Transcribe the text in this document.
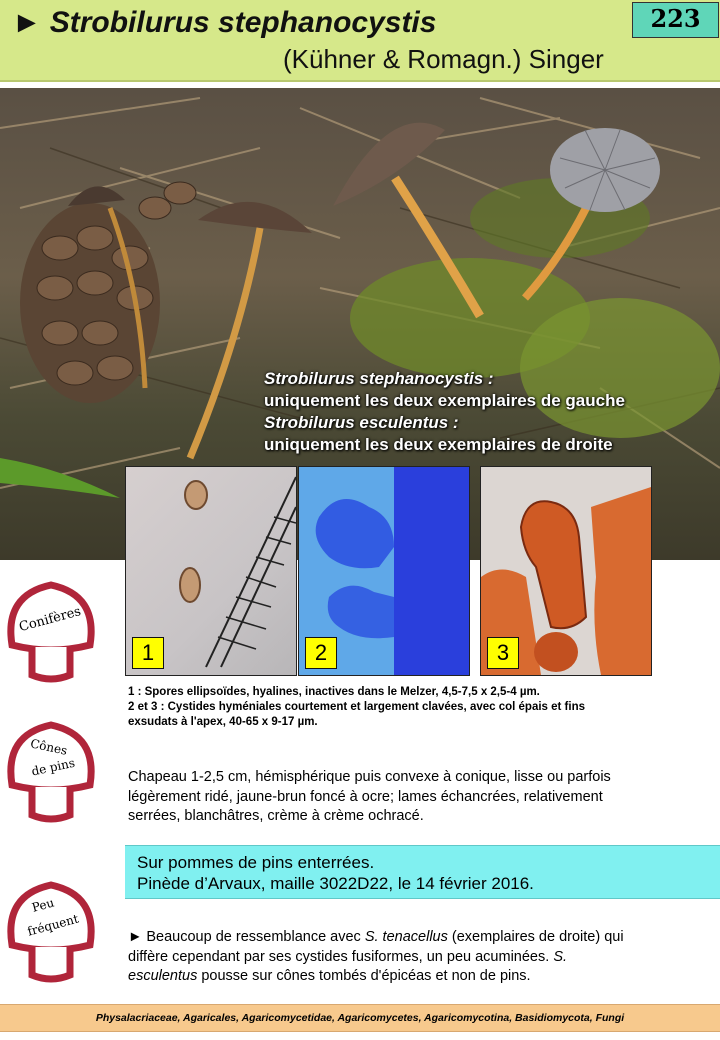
► Strobilurus stephanocystis
(Kühner & Romagn.) Singer
223
Strobilurus stephanocystis :
uniquement les deux exemplaires de gauche
Strobilurus esculentus :
uniquement les deux exemplaires de droite
1	2	3
Conifères
Cônes
de pins
Peu
fréquent
1 : Spores ellipsoïdes, hyalines, inactives dans le Melzer, 4,5-7,5 x 2,5-4 µm.
2 et 3 : Cystides hyméniales courtement et largement clavées, avec col épais et fins
exsudats à l'apex, 40-65 x 9-17 µm.
Chapeau 1-2,5 cm, hémisphérique puis convexe à conique, lisse ou parfois
légèrement ridé, jaune-brun foncé à ocre; lames échancrées, relativement
serrées, blanchâtres, crème à crème ochracé.
Sur pommes de pins enterrées.
Pinède d’Arvaux, maille 3022D22, le 14 février 2016.
► Beaucoup de ressemblance avec S. tenacellus (exemplaires de droite) qui
diffère cependant par ses cystides fusiformes, un peu acuminées. S.
esculentus pousse sur cônes tombés d'épicéas et non de pins.
Physalacriaceae, Agaricales, Agaricomycetidae, Agaricomycetes, Agaricomycotina, Basidiomycota, Fungi
